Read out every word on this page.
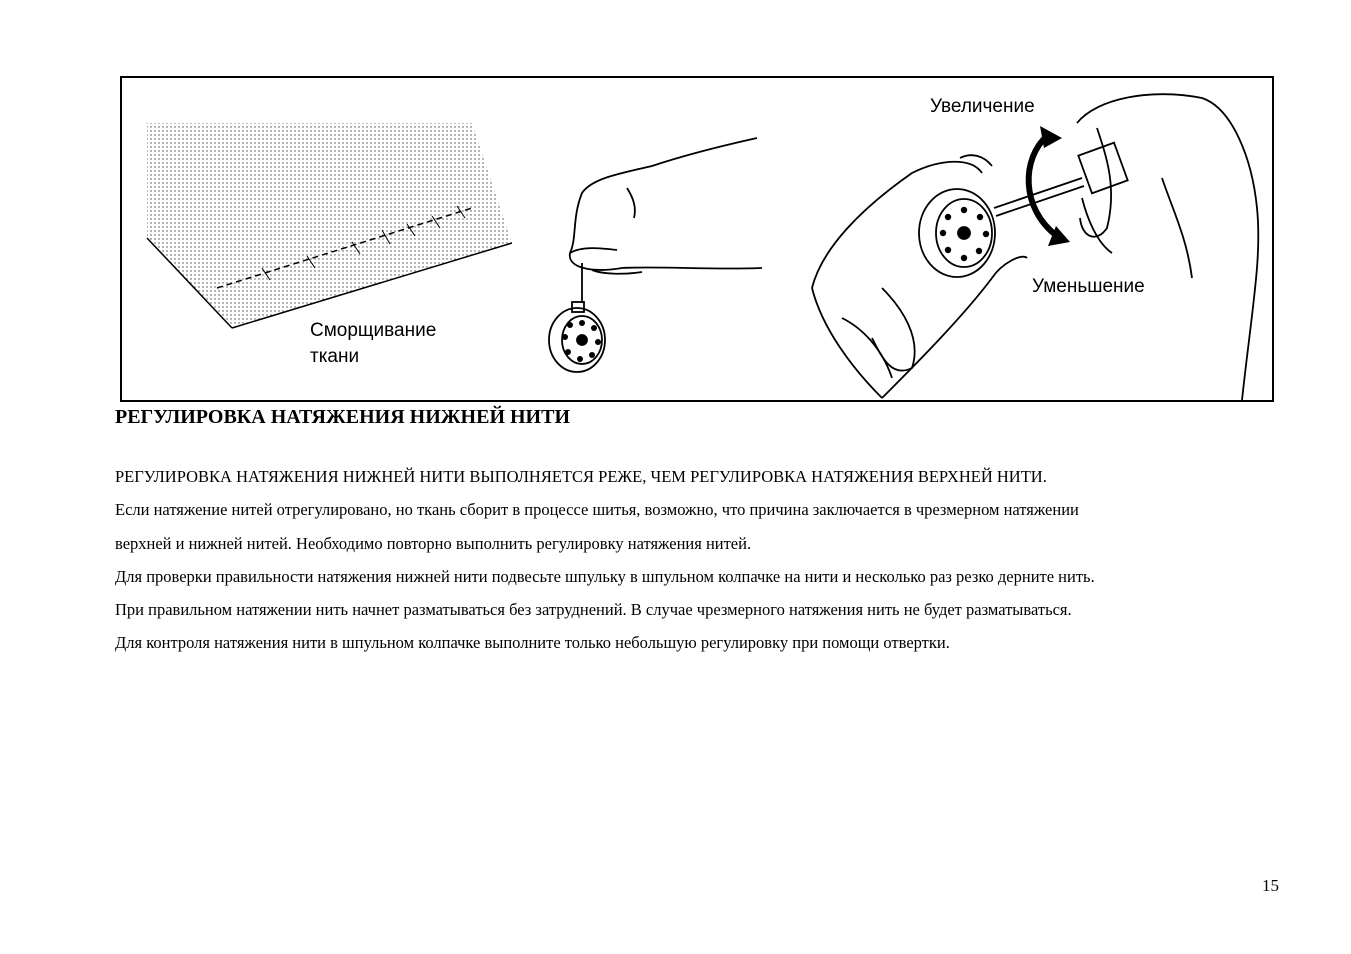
Сморщивание
ткани
Увеличение
Уменьшение
РЕГУЛИРОВКА НАТЯЖЕНИЯ НИЖНЕЙ НИТИ
РЕГУЛИРОВКА НАТЯЖЕНИЯ НИЖНЕЙ НИТИ ВЫПОЛНЯЕТСЯ РЕЖЕ, ЧЕМ РЕГУЛИРОВКА НАТЯЖЕНИЯ ВЕРХНЕЙ НИТИ.
Если натяжение нитей отрегулировано, но ткань сборит в процессе шитья, возможно, что причина заключается в чрезмерном натяжении
верхней и нижней нитей. Необходимо повторно выполнить регулировку натяжения нитей.
Для проверки правильности натяжения нижней нити подвесьте шпульку в шпульном колпачке на нити и несколько раз резко дерните нить.
При правильном натяжении нить начнет разматываться без затруднений. В случае чрезмерного натяжения нить не будет разматываться.
Для контроля натяжения нити в шпульном колпачке выполните только небольшую регулировку при помощи отвертки.
15
